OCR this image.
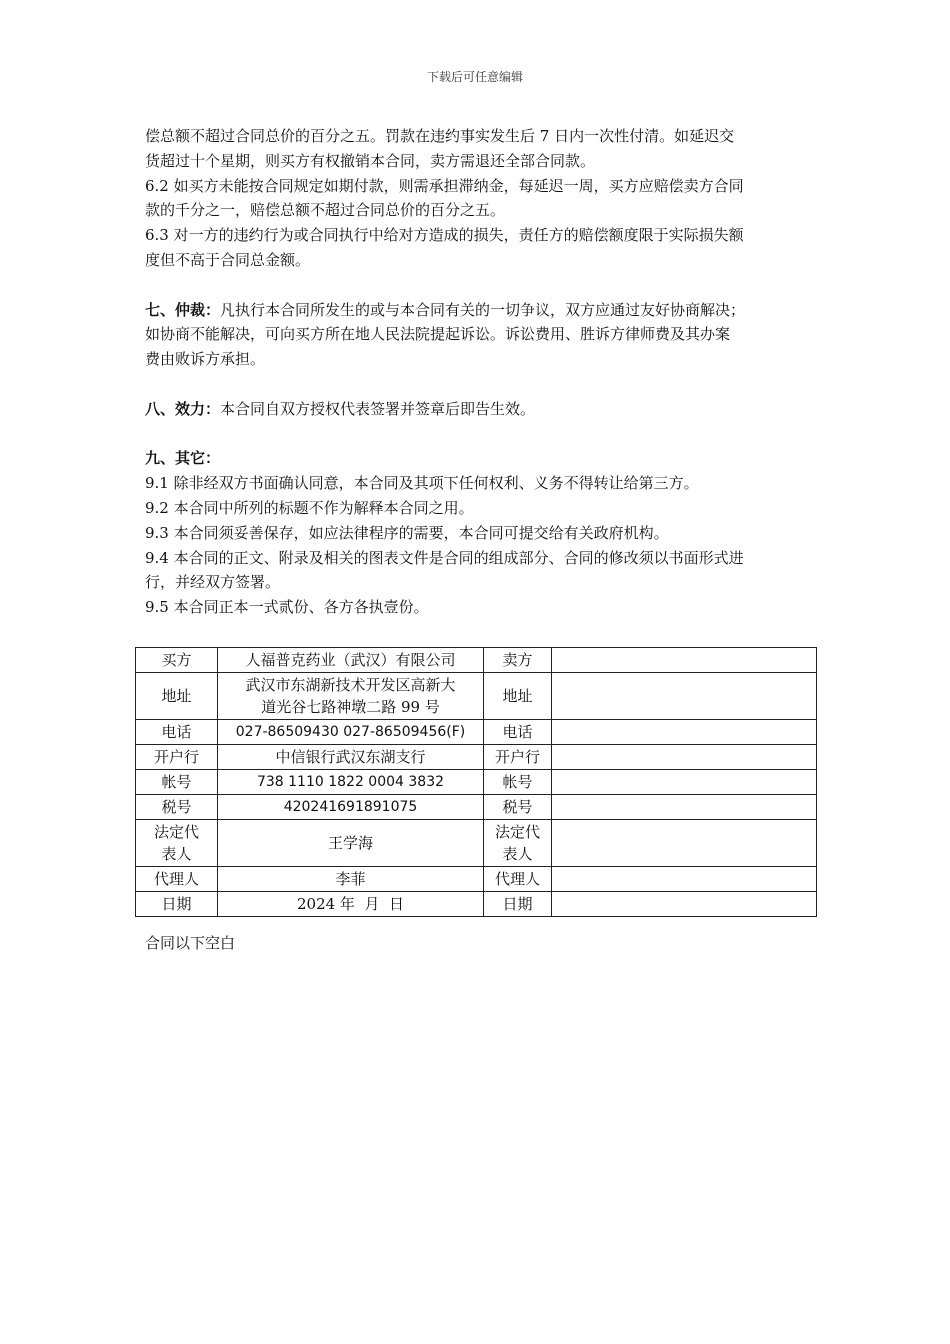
下载后可任意编辑

偿总额不超过合同总价的百分之五。罚款在违约事实发生后 7 日内一次性付清。如延迟交

货超过十个星期，则买方有权撤销本合同，卖方需退还全部合同款。

6.2 如买方未能按合同规定如期付款，则需承担滞纳金，每延迟一周，买方应赔偿卖方合同

款的千分之一，赔偿总额不超过合同总价的百分之五。

6.3 对一方的违约行为或合同执行中给对方造成的损失，责任方的赔偿额度限于实际损失额

度但不高于合同总金额。

七、仲裁：凡执行本合同所发生的或与本合同有关的一切争议，双方应通过友好协商解决；

如协商不能解决，可向买方所在地人民法院提起诉讼。诉讼费用、胜诉方律师费及其办案

费由败诉方承担。

八、效力：本合同自双方授权代表签署并签章后即告生效。

九、其它：

9.1 除非经双方书面确认同意，本合同及其项下任何权利、义务不得转让给第三方。

9.2 本合同中所列的标题不作为解释本合同之用。

9.3 本合同须妥善保存，如应法律程序的需要，本合同可提交给有关政府机构。

9.4 本合同的正文、附录及相关的图表文件是合同的组成部分、合同的修改须以书面形式进

行，并经双方签署。

9.5 本合同正本一式贰份、各方各执壹份。

买方	人福普克药业（武汉）有限公司	卖方	
地址	武汉市东湖新技术开发区高新大
道光谷七路神墩二路 99 号	地址	
电话	027-86509430 027-86509456(F)	电话	
开户行	中信银行武汉东湖支行	开户行	
帐号	738 1110 1822 0004 3832	帐号	
税号	420241691891075	税号	
法定代
表人	王学海	法定代
表人	
代理人	李菲	代理人	
日期	2024 年  月  日	日期	
合同以下空白
